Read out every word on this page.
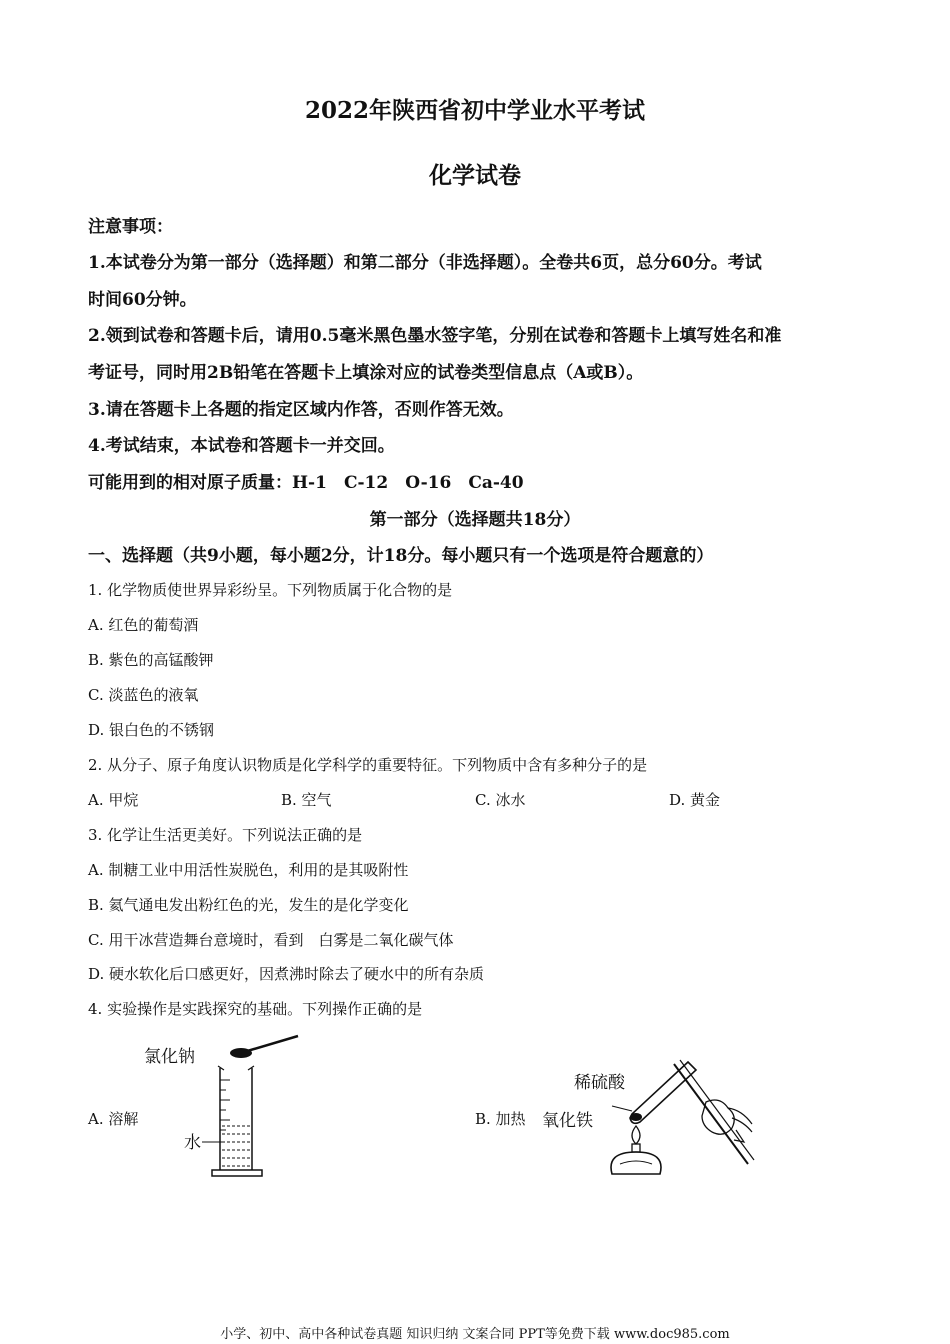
2022年陕西省初中学业水平考试
化学试卷
注意事项：
1.本试卷分为第一部分（选择题）和第二部分（非选择题）。全卷共6页，总分60分。考试
时间60分钟。
2.领到试卷和答题卡后，请用0.5毫米黑色墨水签字笔，分别在试卷和答题卡上填写姓名和准
考证号，同时用2B铅笔在答题卡上填涂对应的试卷类型信息点（A或B）。
3.请在答题卡上各题的指定区域内作答，否则作答无效。
4.考试结束，本试卷和答题卡一并交回。
可能用到的相对原子质量：H-1　C-12　O-16　Ca-40
第一部分（选择题共18分）
一、选择题（共9小题，每小题2分，计18分。每小题只有一个选项是符合题意的）
1. 化学物质使世界异彩纷呈。下列物质属于化合物的是
A. 红色的葡萄酒
B. 紫色的高锰酸钾
C. 淡蓝色的液氧
D. 银白色的不锈钢
2. 从分子、原子角度认识物质是化学科学的重要特征。下列物质中含有多种分子的是
A. 甲烷	B. 空气	C. 冰水	D. 黄金
3. 化学让生活更美好。下列说法正确的是
A. 制糖工业中用活性炭脱色，利用的是其吸附性
B. 氦气通电发出粉红色的光，发生的是化学变化
C. 用干冰营造舞台意境时，看到　白雾是二氧化碳气体
D. 硬水软化后口感更好，因煮沸时除去了硬水中的所有杂质
4. 实验操作是实践探究的基础。下列操作正确的是
A. 溶解	B. 加热
氯化钠
水
稀硫酸
氧化铁
小学、初中、高中各种试卷真题 知识归纳 文案合同 PPT等免费下载 www.doc985.com
